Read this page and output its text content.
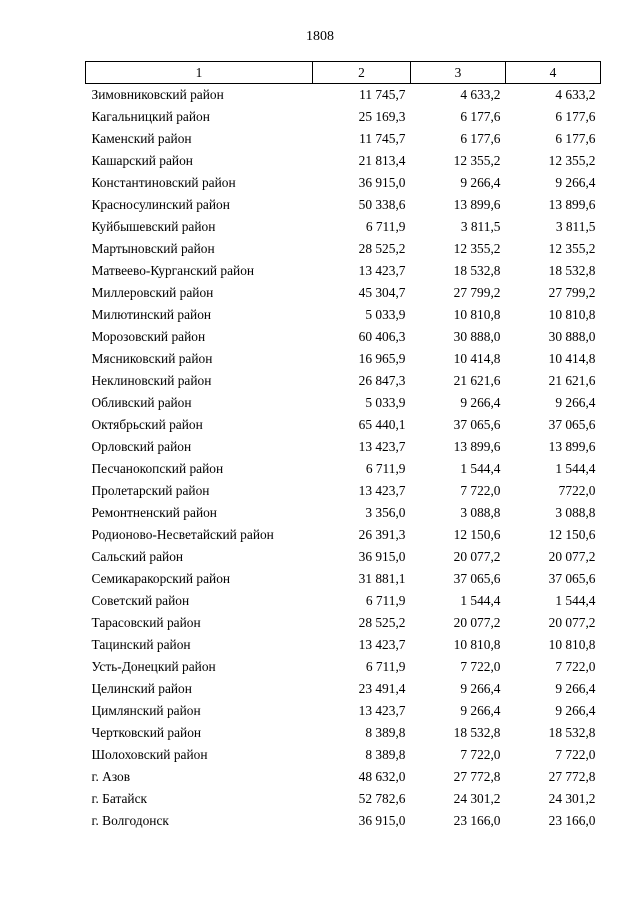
1808
1	2	3	4
Зимовниковский район	11 745,7	4 633,2	4 633,2
Кагальницкий район	25 169,3	6 177,6	6 177,6
Каменский район	11 745,7	6 177,6	6 177,6
Кашарский район	21 813,4	12 355,2	12 355,2
Константиновский район	36 915,0	9 266,4	9 266,4
Красносулинский район	50 338,6	13 899,6	13 899,6
Куйбышевский район	6 711,9	3 811,5	3 811,5
Мартыновский район	28 525,2	12 355,2	12 355,2
Матвеево-Курганский район	13 423,7	18 532,8	18 532,8
Миллеровский район	45 304,7	27 799,2	27 799,2
Милютинский район	5 033,9	10 810,8	10 810,8
Морозовский район	60 406,3	30 888,0	30 888,0
Мясниковский район	16 965,9	10 414,8	10 414,8
Неклиновский район	26 847,3	21 621,6	21 621,6
Обливский район	5 033,9	9 266,4	9 266,4
Октябрьский район	65 440,1	37 065,6	37 065,6
Орловский район	13 423,7	13 899,6	13 899,6
Песчанокопский район	6 711,9	1 544,4	1 544,4
Пролетарский район	13 423,7	7 722,0	7722,0
Ремонтненский район	3 356,0	3 088,8	3 088,8
Родионово-Несветайский район	26 391,3	12 150,6	12 150,6
Сальский район	36 915,0	20 077,2	20 077,2
Семикаракорский район	31 881,1	37 065,6	37 065,6
Советский район	6 711,9	1 544,4	1 544,4
Тарасовский район	28 525,2	20 077,2	20 077,2
Тацинский район	13 423,7	10 810,8	10 810,8
Усть-Донецкий район	6 711,9	7 722,0	7 722,0
Целинский район	23 491,4	9 266,4	9 266,4
Цимлянский район	13 423,7	9 266,4	9 266,4
Чертковский район	8 389,8	18 532,8	18 532,8
Шолоховский район	8 389,8	7 722,0	7 722,0
г. Азов	48 632,0	27 772,8	27 772,8
г. Батайск	52 782,6	24 301,2	24 301,2
г. Волгодонск	36 915,0	23 166,0	23 166,0
